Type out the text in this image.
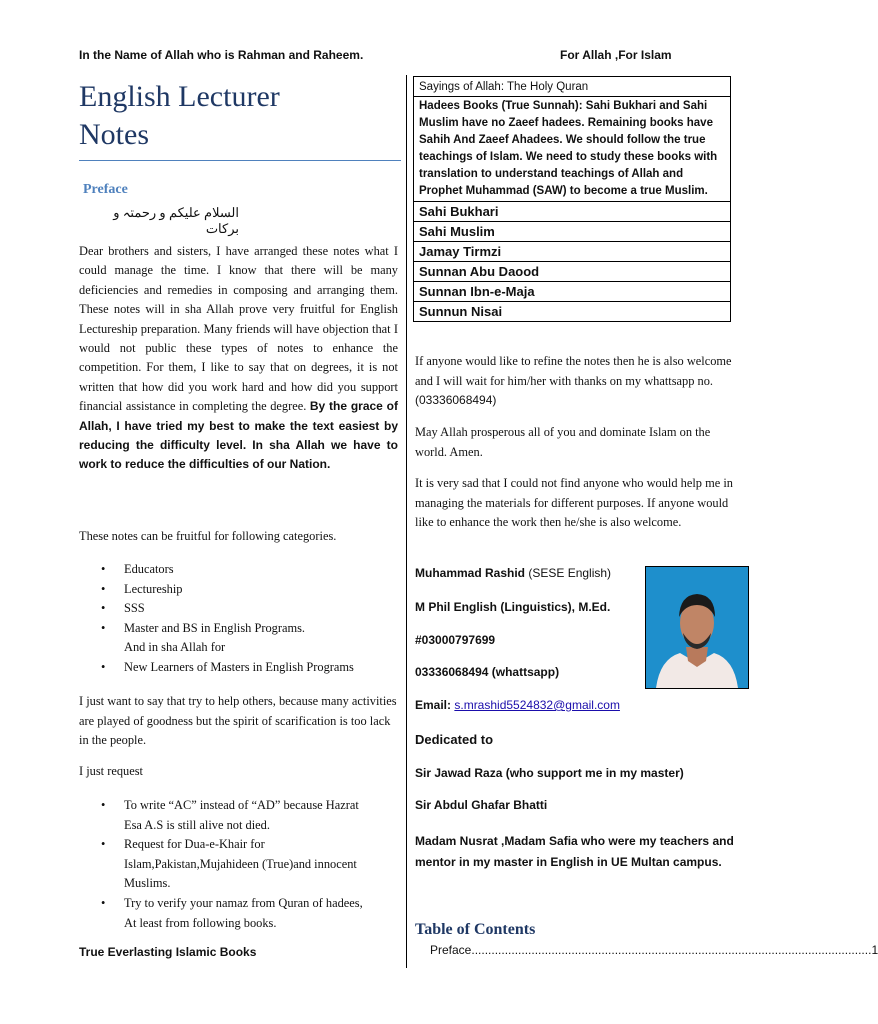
In the Name of Allah who is Rahman and Raheem.	For Allah ,For Islam
English Lecturer
Notes
Preface
السلام علیکم و رحمتہ و برکات
Dear brothers and sisters, I have arranged these notes what I could manage the time. I know that there will be many deficiencies and remedies in composing and arranging them. These notes will in sha Allah prove very fruitful for English Lectureship preparation. Many friends will have objection that I would not public these types of notes to enhance the competition. For them, I like to say that on degrees, it is not written that how did you work hard and how did you support financial assistance in completing the degree. By the grace of Allah, I have tried my best to make the text easiest by reducing the difficulty level. In sha Allah we have to work to reduce the difficulties of our Nation.
These notes can be fruitful for following categories.
• Educators
• Lectureship
• SSS
• Master and BS in English Programs.
And in sha Allah for
• New Learners of Masters in English Programs
I just want to say that try to help others, because many activities are played of goodness but the spirit of scarification is too lack in the people.
I just request
• To write “AC” instead of “AD” because Hazrat Esa A.S is still alive not died.
• Request for Dua-e-Khair for Islam,Pakistan,Mujahideen (True)and innocent Muslims.
• Try to verify your namaz from Quran of hadees, At least from following books.
True Everlasting Islamic Books
Sayings of Allah: The Holy Quran
Hadees Books (True Sunnah): Sahi Bukhari and Sahi Muslim have no Zaeef hadees. Remaining books have Sahih And Zaeef Ahadees. We should follow the true teachings of Islam. We need to study these books with translation to understand teachings of Allah and Prophet Muhammad (SAW) to become a true Muslim.
Sahi Bukhari
Sahi Muslim
Jamay Tirmzi
Sunnan Abu Daood
Sunnan Ibn-e-Maja
Sunnun Nisai
If anyone would like to refine the notes then he is also welcome and I will wait for him/her with thanks on my whattsapp no. (03336068494)
May Allah prosperous all of you and dominate Islam on the world. Amen.
It is very sad that I could not find anyone who would help me in managing the materials for different purposes. If anyone would like to enhance the work then he/she is also welcome.
Muhammad Rashid (SESE English)
M Phil English (Linguistics), M.Ed.
#03000797699
03336068494 (whattsapp)
Email: s.mrashid5524832@gmail.com
Dedicated to
Sir Jawad Raza (who support me in my master)
Sir Abdul Ghafar Bhatti
Madam Nusrat ,Madam Safia who were my teachers and mentor in my master in English in UE Multan campus.
Table of Contents
Preface ........................................................................................................................ 1
